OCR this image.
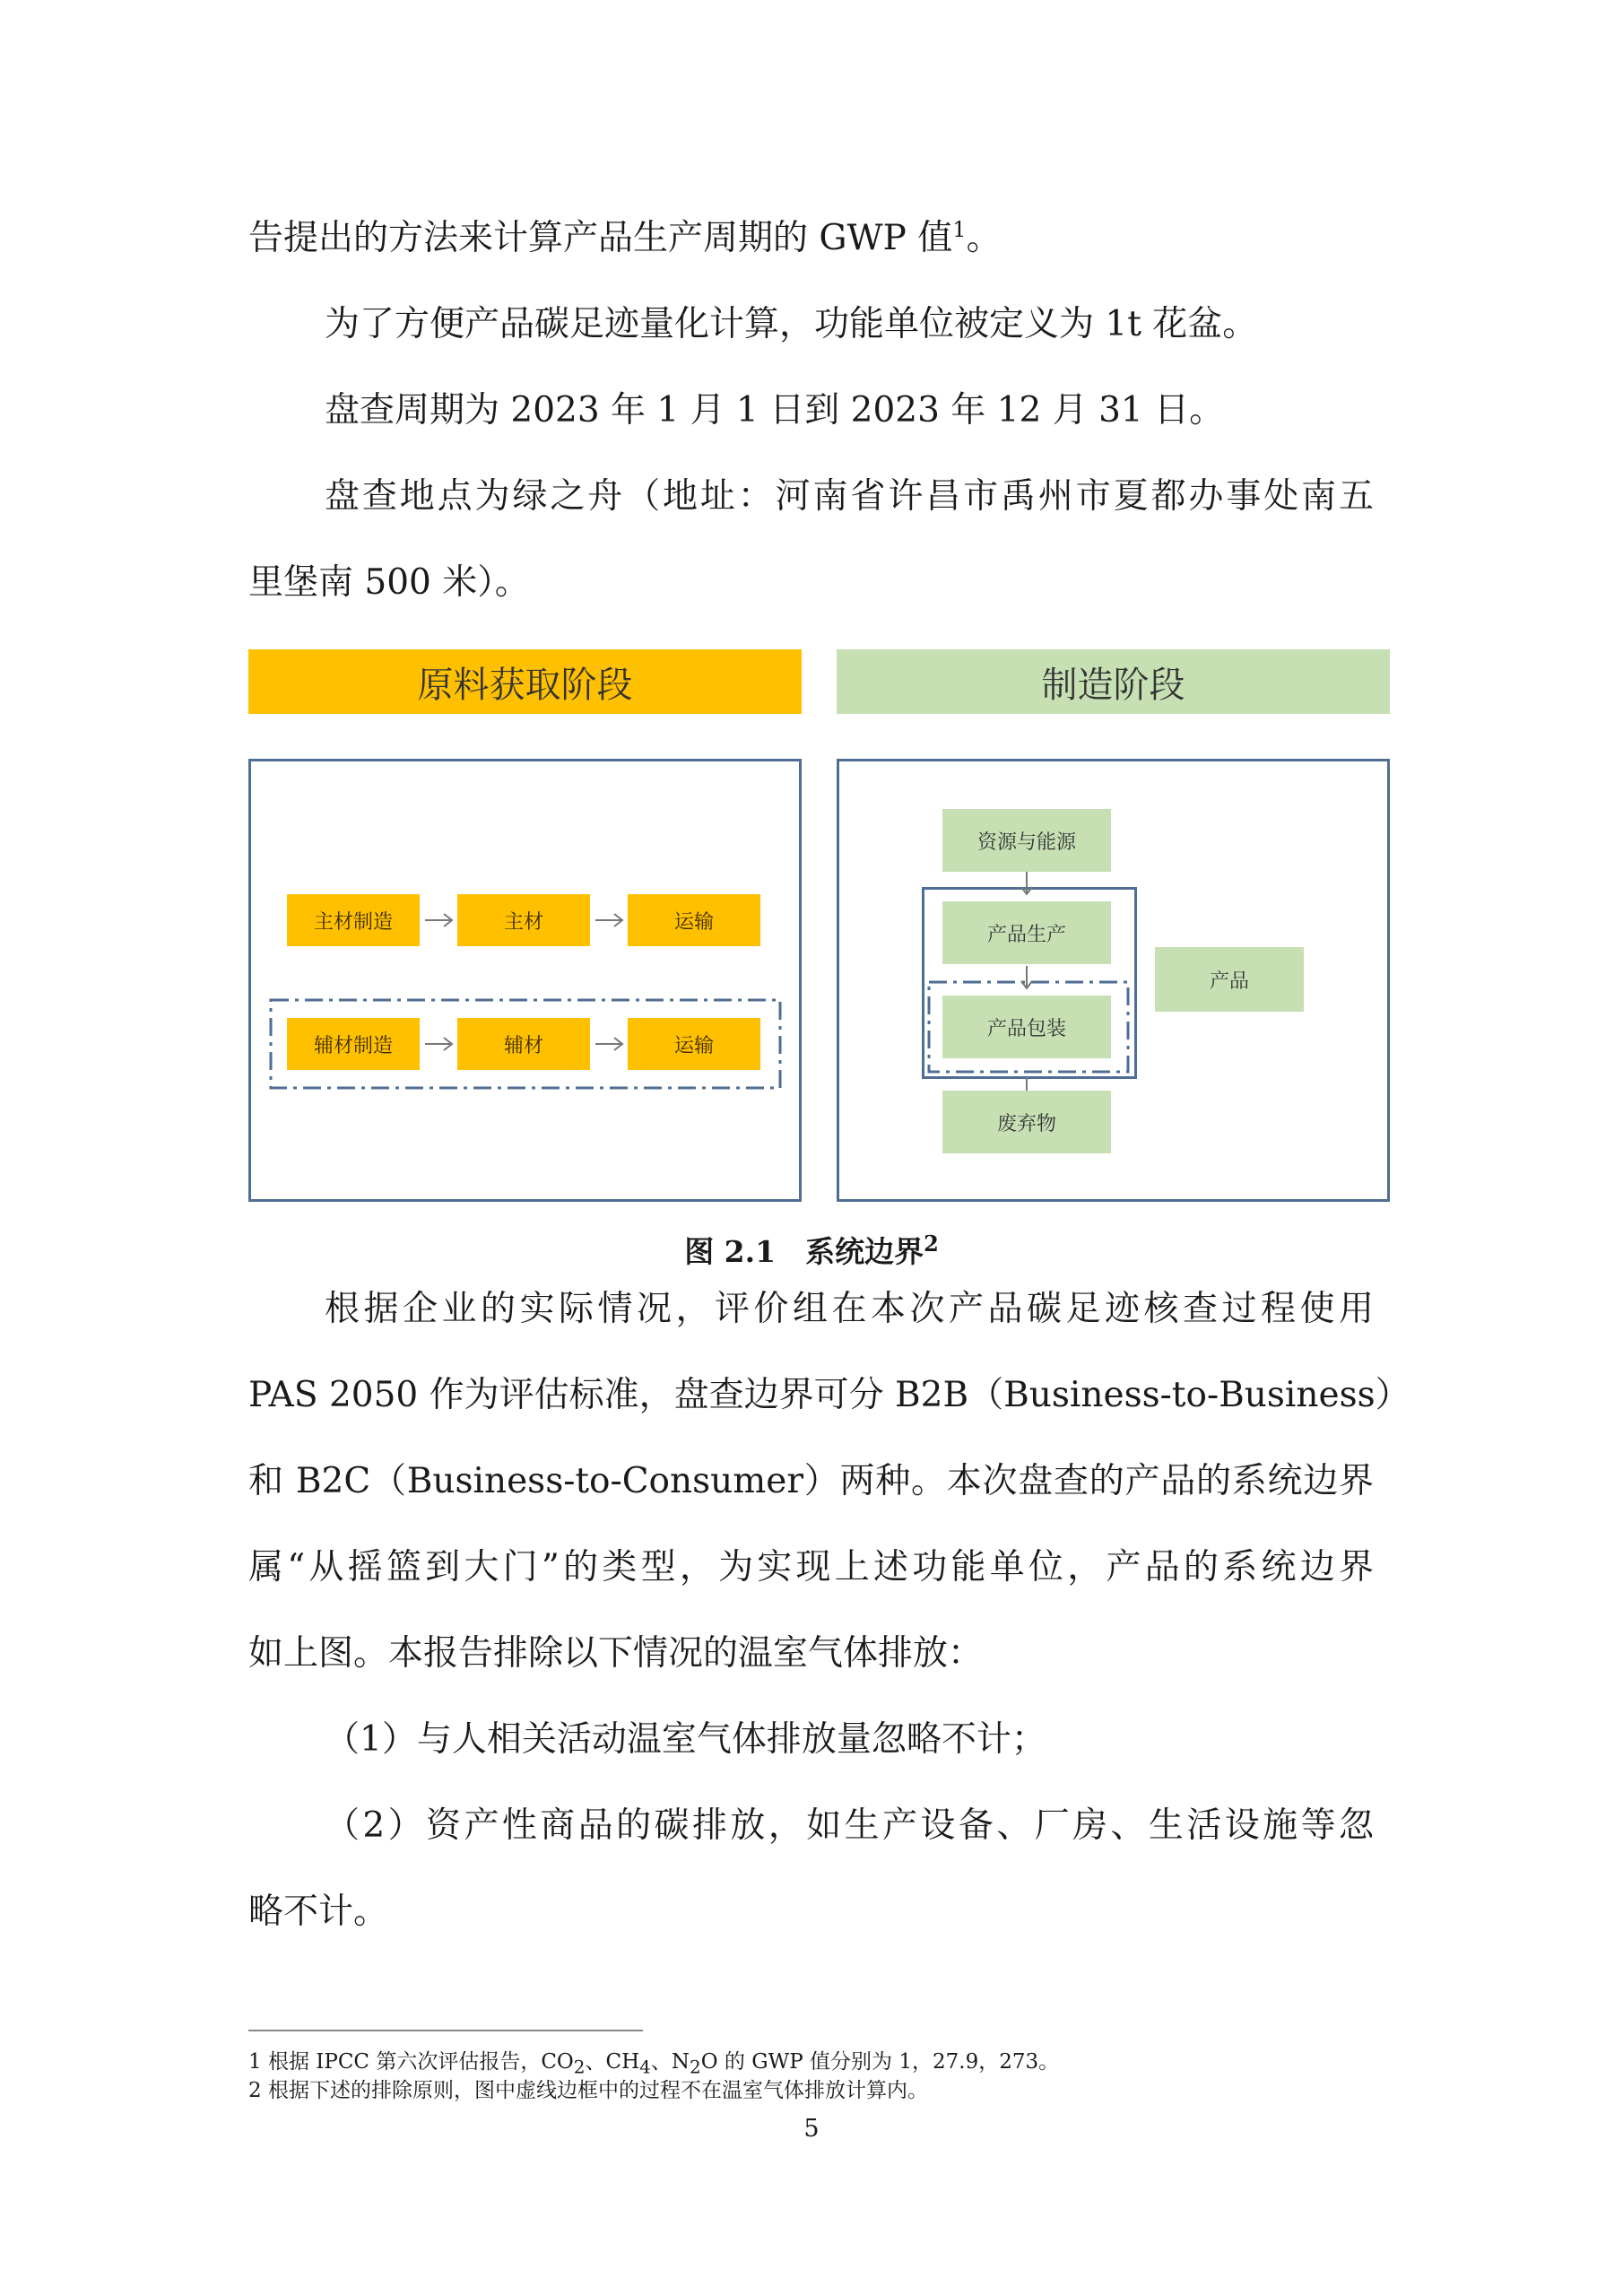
告提出的方法来计算产品生产周期的 GWP 值$^1$。
为了方便产品碳足迹量化计算，功能单位被定义为 1t 花盆。
盘查周期为 2023 年 1 月 1 日到 2023 年 12 月 31 日。
盘查地点为绿之舟（地址：河南省许昌市禹州市夏都办事处南五
里堡南 500 米）。
原料获取阶段	制造阶段
主材制造	主材	运输
辅材制造	辅材	运输
资源与能源
产品生产
产品包装
废弃物
产品
图 2.1　系统边界$^2$
根据企业的实际情况，评价组在本次产品碳足迹核查过程使用
PAS 2050 作为评估标准，盘查边界可分 B2B（Business-to-Business）
和 B2C（Business-to-Consumer）两种。本次盘查的产品的系统边界
属“从摇篮到大门”的类型，为实现上述功能单位，产品的系统边界
如上图。本报告排除以下情况的温室气体排放：
（1）与人相关活动温室气体排放量忽略不计；
（2）资产性商品的碳排放，如生产设备、厂房、生活设施等忽
略不计。
1 根据 IPCC 第六次评估报告，$CO_2$、$CH_4$、$N_2O$ 的 GWP 值分别为 1，27.9，273。
2 根据下述的排除原则，图中虚线边框中的过程不在温室气体排放计算内。
5
